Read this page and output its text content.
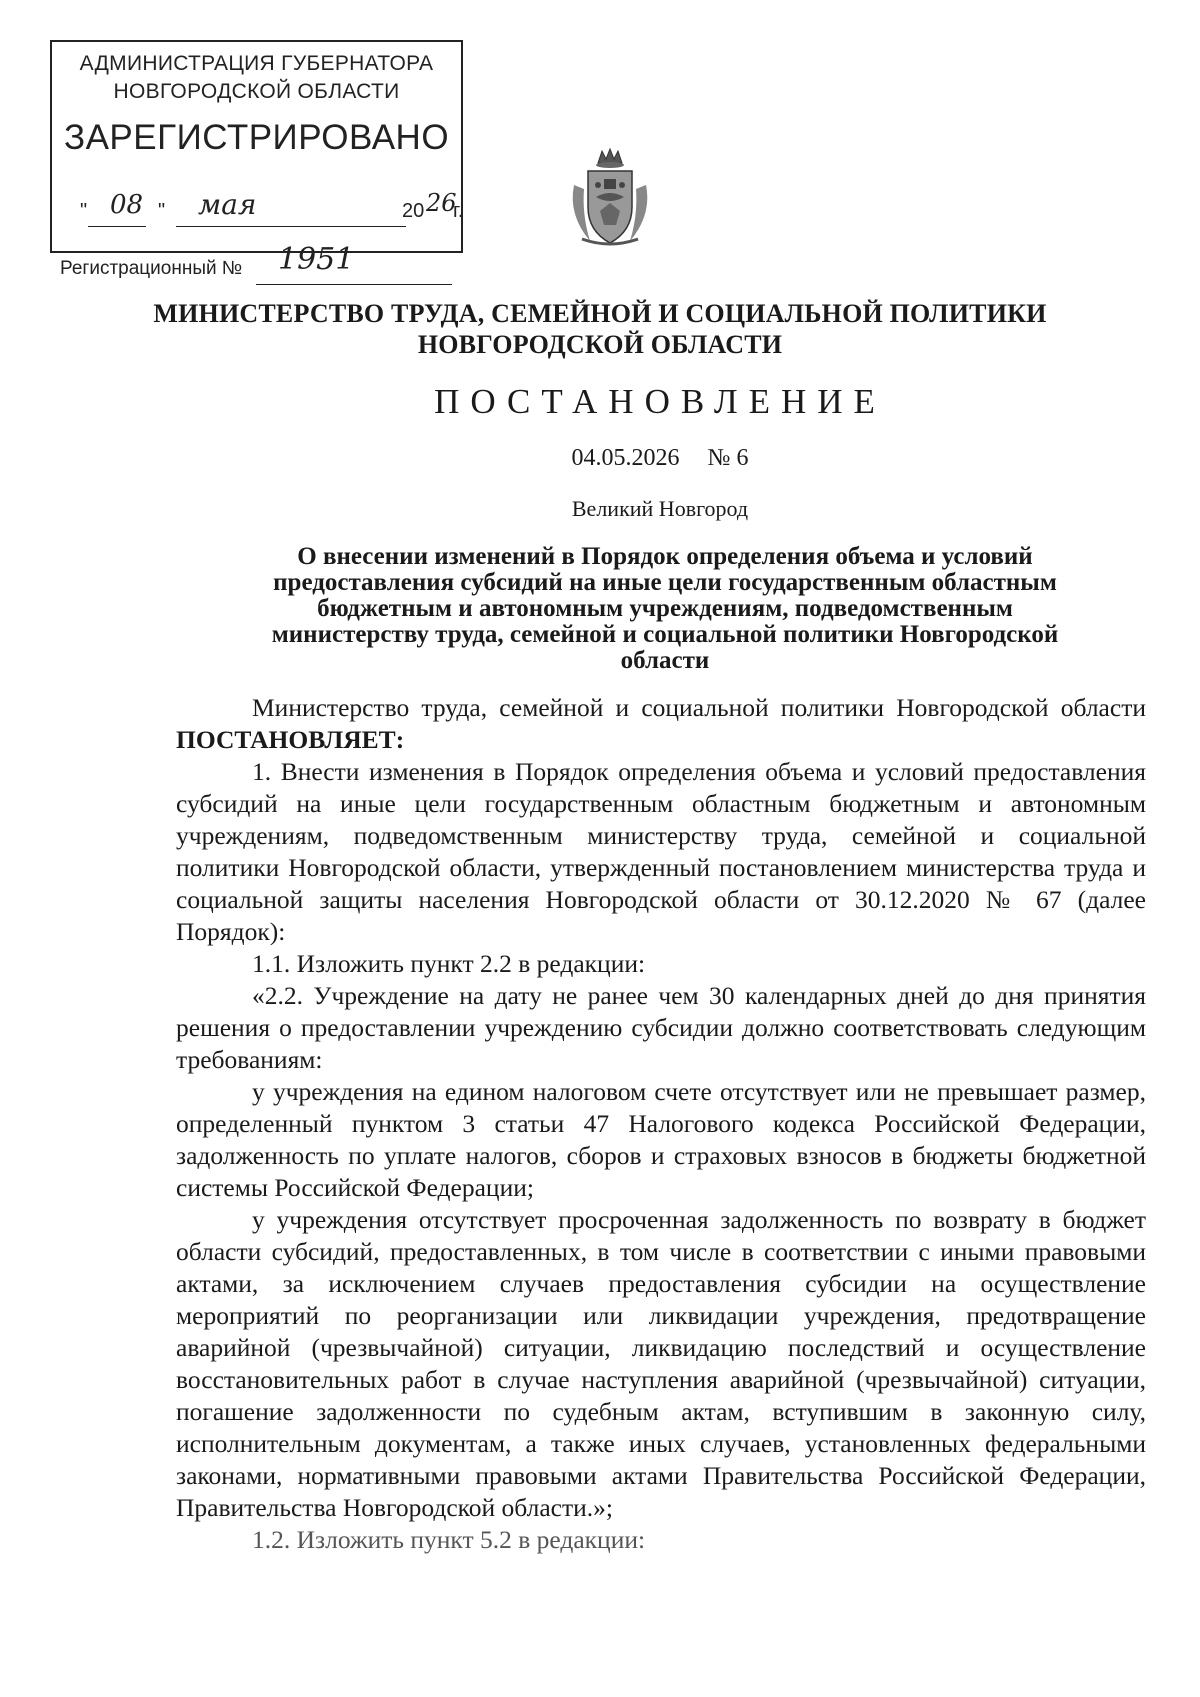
АДМИНИСТРАЦИЯ ГУБЕРНАТОРА
НОВГОРОДСКОЙ ОБЛАСТИ
ЗАРЕГИСТРИРОВАНО
" 08 " мая	20 26
г.
Регистрационный № 1951
МИНИСТЕРСТВО ТРУДА, СЕМЕЙНОЙ И СОЦИАЛЬНОЙ ПОЛИТИКИ
НОВГОРОДСКОЙ ОБЛАСТИ
ПОСТАНОВЛЕНИЕ
04.05.2026 № 6
Великий Новгород
О внесении изменений в Порядок определения объема и условий
предоставления субсидий на иные цели государственным областным
бюджетным и автономным учреждениям, подведомственным
министерству труда, семейной и социальной политики Новгородской
области

Министерство труда, семейной и социальной политики Новгородской области ПОСТАНОВЛЯЕТ:

1. Внести изменения в Порядок определения объема и условий предоставления субсидий на иные цели государственным областным бюджетным и автономным учреждениям, подведомственным министерству труда, семейной и социальной политики Новгородской области, утвержденный постановлением министерства труда и социальной защиты населения Новгородской области от 30.12.2020 № 67 (далее Порядок):

1.1. Изложить пункт 2.2 в редакции:

«2.2. Учреждение на дату не ранее чем 30 календарных дней до дня принятия решения о предоставлении учреждению субсидии должно соответствовать следующим требованиям:

у учреждения на едином налоговом счете отсутствует или не превышает размер, определенный пунктом 3 статьи 47 Налогового кодекса Российской Федерации, задолженность по уплате налогов, сборов и страховых взносов в бюджеты бюджетной системы Российской Федерации;

у учреждения отсутствует просроченная задолженность по возврату в бюджет области субсидий, предоставленных, в том числе в соответствии с иными правовыми актами, за исключением случаев предоставления субсидии на осуществление мероприятий по реорганизации или ликвидации учреждения, предотвращение аварийной (чрезвычайной) ситуации, ликвидацию последствий и осуществление восстановительных работ в случае наступления аварийной (чрезвычайной) ситуации, погашение задолженности по судебным актам, вступившим в законную силу, исполнительным документам, а также иных случаев, установленных федеральными законами, нормативными правовыми актами Правительства Российской Федерации, Правительства Новгородской области.»;

1.2. Изложить пункт 5.2 в редакции:
